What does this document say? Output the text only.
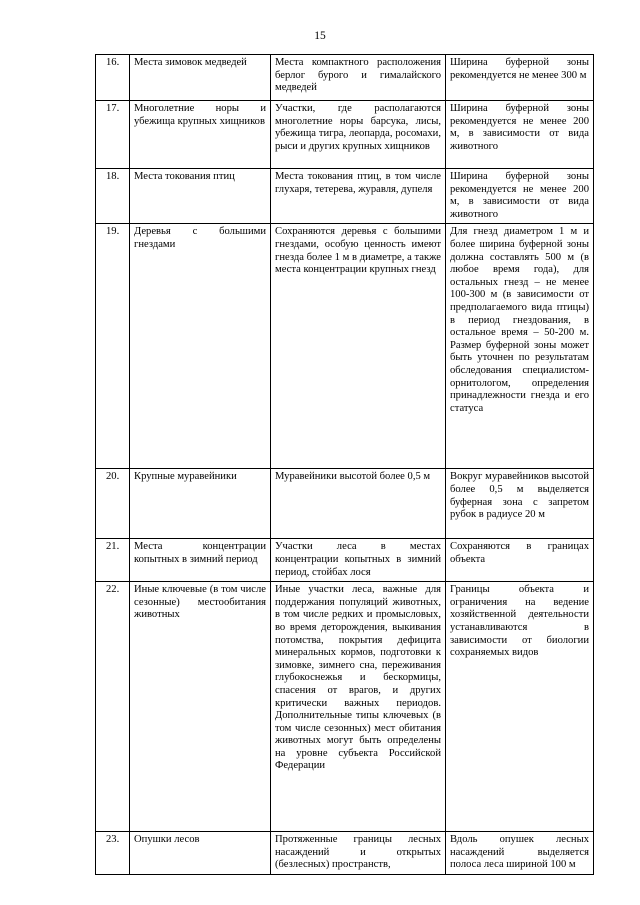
15
16.	Места зимовок медведей	Места компактного расположения берлог бурого и гималайского медведей	Ширина буферной зоны рекомендуется не менее 300 м
17.	Многолетние норы и убежища крупных хищников	Участки, где располагаются многолетние норы барсука, лисы, убежища тигра, леопарда, росомахи, рыси и других крупных хищников	Ширина буферной зоны рекомендуется не менее 200 м, в зависимости от вида животного
18.	Места токования птиц	Места токования птиц, в том числе глухаря, тетерева, журавля, дупеля	Ширина буферной зоны рекомендуется не менее 200 м, в зависимости от вида животного
19.	Деревья с большими гнездами	Сохраняются деревья с большими гнездами, особую ценность имеют гнезда более 1 м в диаметре, а также места концентрации крупных гнезд	Для гнезд диаметром 1 м и более ширина буферной зоны должна составлять 500 м (в любое время года), для остальных гнезд – не менее 100-300 м (в зависимости от предполагаемого вида птицы) в период гнездования, в остальное время – 50-200 м. Размер буферной зоны может быть уточнен по результатам обследования специалистом-орнитологом, определения принадлежности гнезда и его статуса
20.	Крупные муравейники	Муравейники высотой более 0,5 м	Вокруг муравейников высотой более 0,5 м выделяется буферная зона с запретом рубок в радиусе 20 м
21.	Места концентрации копытных в зимний период	Участки леса в местах концентрации копытных в зимний период, стойбах лося	Сохраняются в границах объекта
22.	Иные ключевые (в том числе сезонные) местообитания животных	Иные участки леса, важные для поддержания популяций животных, в том числе редких и промысловых, во время деторождения, выкивания потомства, покрытия дефицита минеральных кормов, подготовки к зимовке, зимнего сна, переживания глубокоснежья и бескормицы, спасения от врагов, и других критически важных периодов. Дополнительные типы ключевых (в том числе сезонных) мест обитания животных могут быть определены на уровне субъекта Российской Федерации	Границы объекта и ограничения на ведение хозяйственной деятельности устанавливаются в зависимости от биологии сохраняемых видов
23.	Опушки лесов	Протяженные границы лесных насаждений и открытых (безлесных) пространств,	Вдоль опушек лесных насаждений выделяется полоса леса шириной 100 м
